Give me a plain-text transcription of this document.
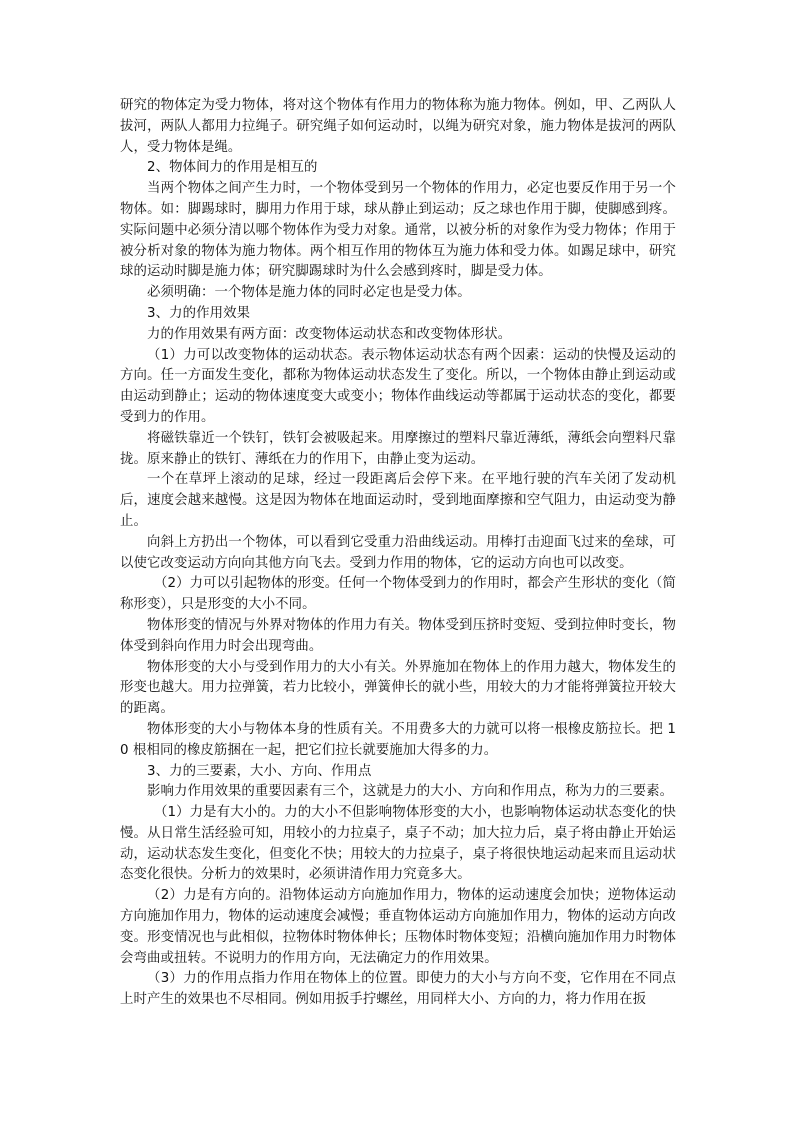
研究的物体定为受力物体，将对这个物体有作用力的物体称为施力物体。例如，甲、乙两队人拔河，两队人都用力拉绳子。研究绳子如何运动时，以绳为研究对象，施力物体是拔河的两队人，受力物体是绳。

2、物体间力的作用是相互的

当两个物体之间产生力时，一个物体受到另一个物体的作用力，必定也要反作用于另一个物体。如：脚踢球时，脚用力作用于球，球从静止到运动；反之球也作用于脚，使脚感到疼。实际问题中必须分清以哪个物体作为受力对象。通常，以被分析的对象作为受力物体；作用于被分析对象的物体为施力物体。两个相互作用的物体互为施力体和受力体。如踢足球中，研究球的运动时脚是施力体；研究脚踢球时为什么会感到疼时，脚是受力体。

必须明确：一个物体是施力体的同时必定也是受力体。

3、力的作用效果

力的作用效果有两方面：改变物体运动状态和改变物体形状。

（1）力可以改变物体的运动状态。表示物体运动状态有两个因素：运动的快慢及运动的方向。任一方面发生变化，都称为物体运动状态发生了变化。所以，一个物体由静止到运动或由运动到静止；运动的物体速度变大或变小；物体作曲线运动等都属于运动状态的变化，都要受到力的作用。

将磁铁靠近一个铁钉，铁钉会被吸起来。用摩擦过的塑料尺靠近薄纸，薄纸会向塑料尺靠拢。原来静止的铁钉、薄纸在力的作用下，由静止变为运动。

一个在草坪上滚动的足球，经过一段距离后会停下来。在平地行驶的汽车关闭了发动机后，速度会越来越慢。这是因为物体在地面运动时，受到地面摩擦和空气阻力，由运动变为静止。

向斜上方扔出一个物体，可以看到它受重力沿曲线运动。用棒打击迎面飞过来的垒球，可以使它改变运动方向向其他方向飞去。受到力作用的物体，它的运动方向也可以改变。

（2）力可以引起物体的形变。任何一个物体受到力的作用时，都会产生形状的变化（简称形变），只是形变的大小不同。

物体形变的情况与外界对物体的作用力有关。物体受到压挤时变短、受到拉伸时变长，物体受到斜向作用力时会出现弯曲。

物体形变的大小与受到作用力的大小有关。外界施加在物体上的作用力越大，物体发生的形变也越大。用力拉弹簧，若力比较小，弹簧伸长的就小些，用较大的力才能将弹簧拉开较大的距离。

物体形变的大小与物体本身的性质有关。不用费多大的力就可以将一根橡皮筋拉长。把 10 根相同的橡皮筋捆在一起，把它们拉长就要施加大得多的力。

3、力的三要素，大小、方向、作用点

影响力作用效果的重要因素有三个，这就是力的大小、方向和作用点，称为力的三要素。

（1）力是有大小的。力的大小不但影响物体形变的大小，也影响物体运动状态变化的快慢。从日常生活经验可知，用较小的力拉桌子，桌子不动；加大拉力后，桌子将由静止开始运动，运动状态发生变化，但变化不快；用较大的力拉桌子，桌子将很快地运动起来而且运动状态变化很快。分析力的效果时，必须讲清作用力究竟多大。

（2）力是有方向的。沿物体运动方向施加作用力，物体的运动速度会加快；逆物体运动方向施加作用力，物体的运动速度会减慢；垂直物体运动方向施加作用力，物体的运动方向改变。形变情况也与此相似，拉物体时物体伸长；压物体时物体变短；沿横向施加作用力时物体会弯曲或扭转。不说明力的作用方向，无法确定力的作用效果。

（3）力的作用点指力作用在物体上的位置。即使力的大小与方向不变，它作用在不同点上时产生的效果也不尽相同。例如用扳手拧螺丝，用同样大小、方向的力，将力作用在扳
